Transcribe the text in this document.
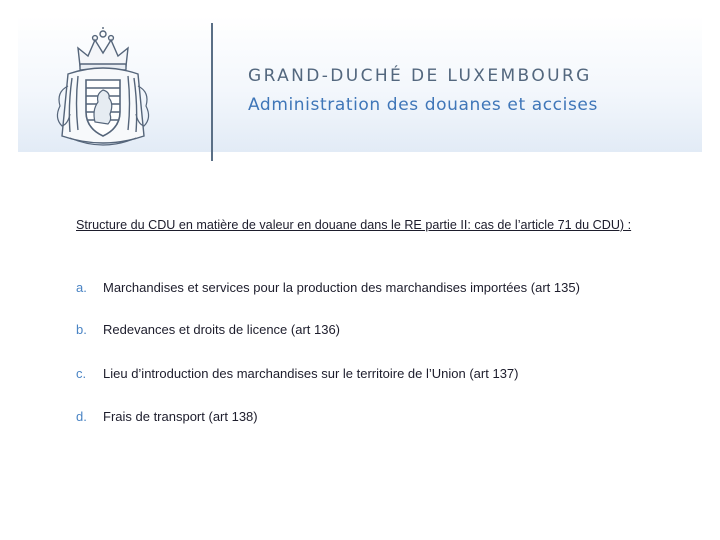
GRAND-DUCHÉ DE LUXEMBOURG
Administration des douanes et accises
Structure du CDU en matière de valeur en douane dans le RE partie II: cas de l’article 71 du CDU) :
a. Marchandises et services pour la production des marchandises importées (art 135)
b. Redevances et droits de licence (art 136)
c. Lieu d’introduction des marchandises sur le territoire de l’Union (art 137)
d. Frais de transport (art 138)
